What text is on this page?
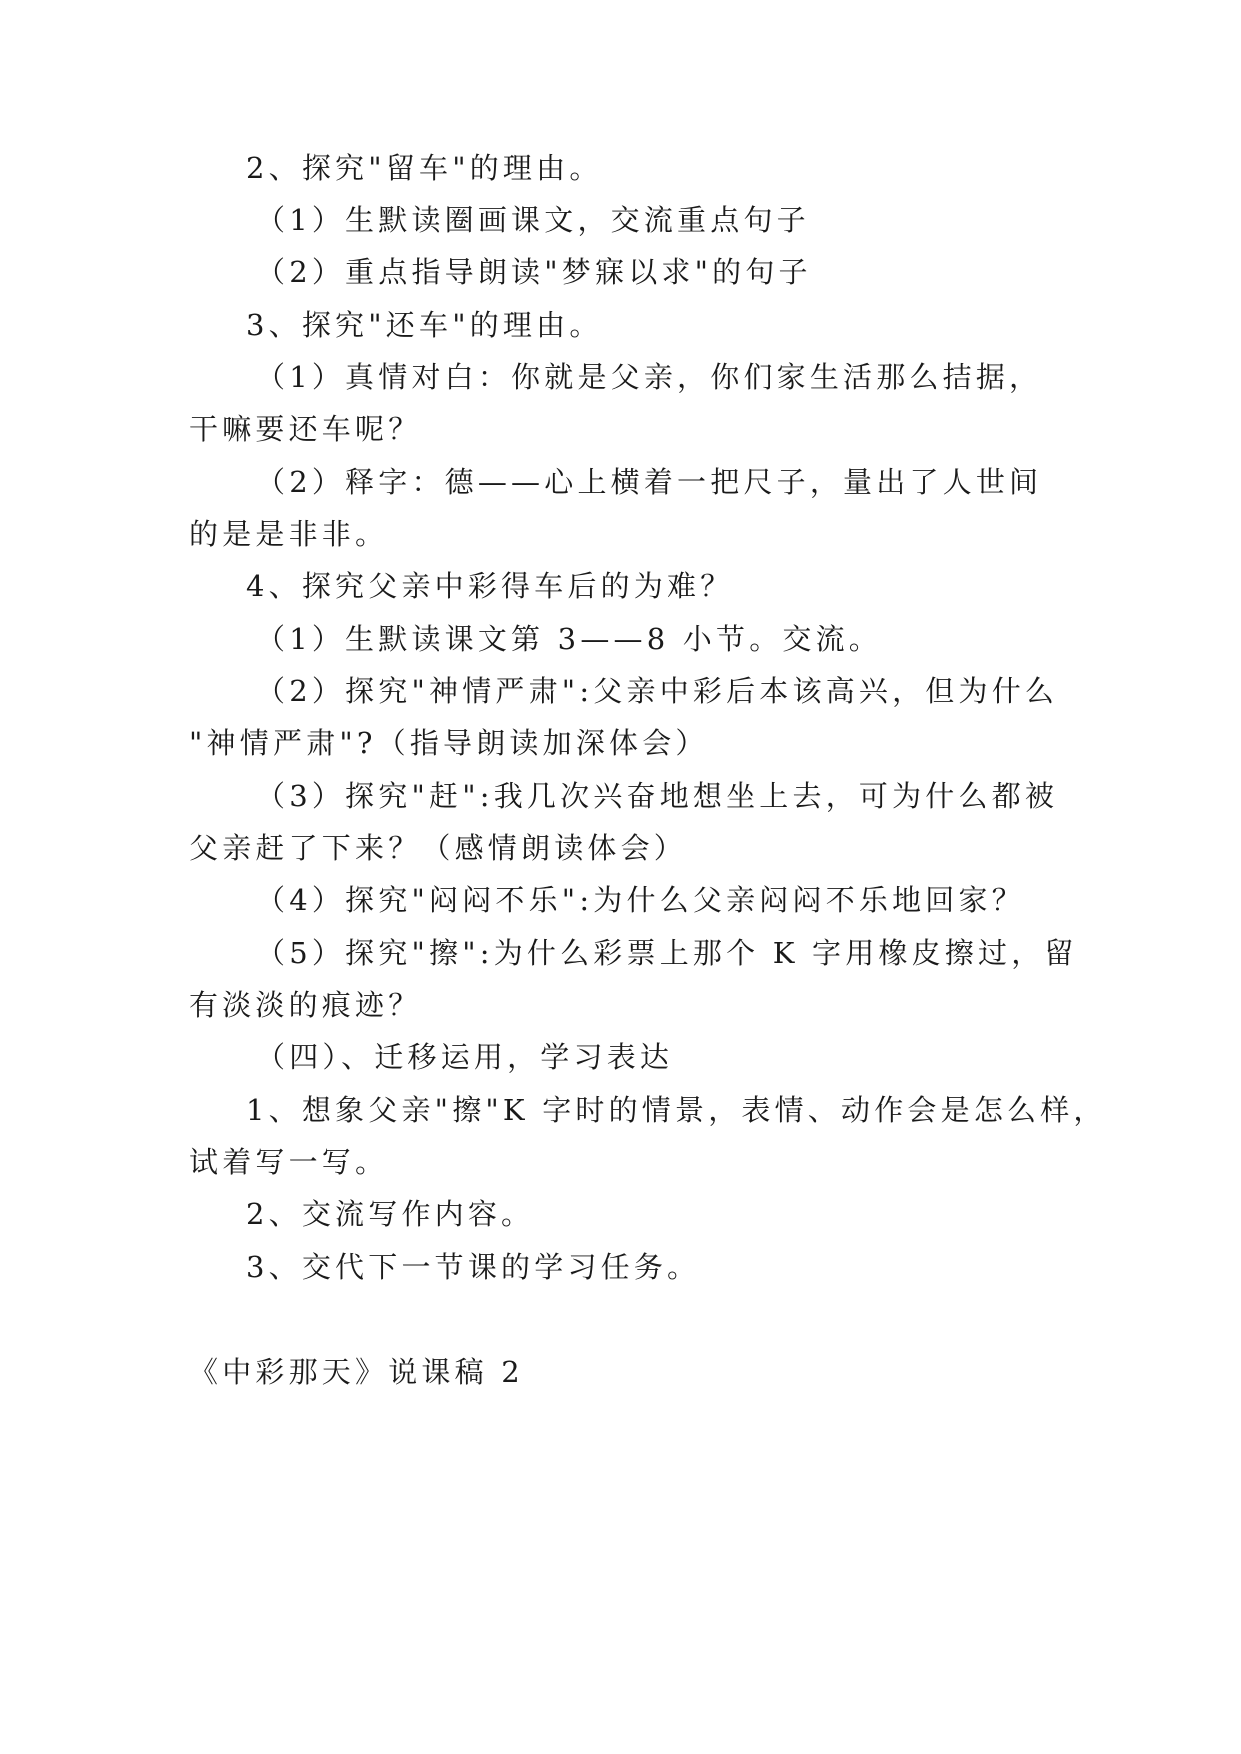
2、探究"留车"的理由。
（1）生默读圈画课文，交流重点句子
（2）重点指导朗读"梦寐以求"的句子
3、探究"还车"的理由。
（1）真情对白：你就是父亲，你们家生活那么拮据，
干嘛要还车呢？
（2）释字：德——心上横着一把尺子，量出了人世间
的是是非非。
4、探究父亲中彩得车后的为难？
（1）生默读课文第 3——8 小节。交流。
（2）探究"神情严肃":父亲中彩后本该高兴，但为什么
"神情严肃"?（指导朗读加深体会）
（3）探究"赶":我几次兴奋地想坐上去，可为什么都被
父亲赶了下来？（感情朗读体会）
（4）探究"闷闷不乐":为什么父亲闷闷不乐地回家？
（5）探究"擦":为什么彩票上那个 K 字用橡皮擦过，留
有淡淡的痕迹？
（四）、迁移运用，学习表达
1、想象父亲"擦"K 字时的情景，表情、动作会是怎么样，
试着写一写。
2、交流写作内容。
3、交代下一节课的学习任务。
《中彩那天》说课稿 2
